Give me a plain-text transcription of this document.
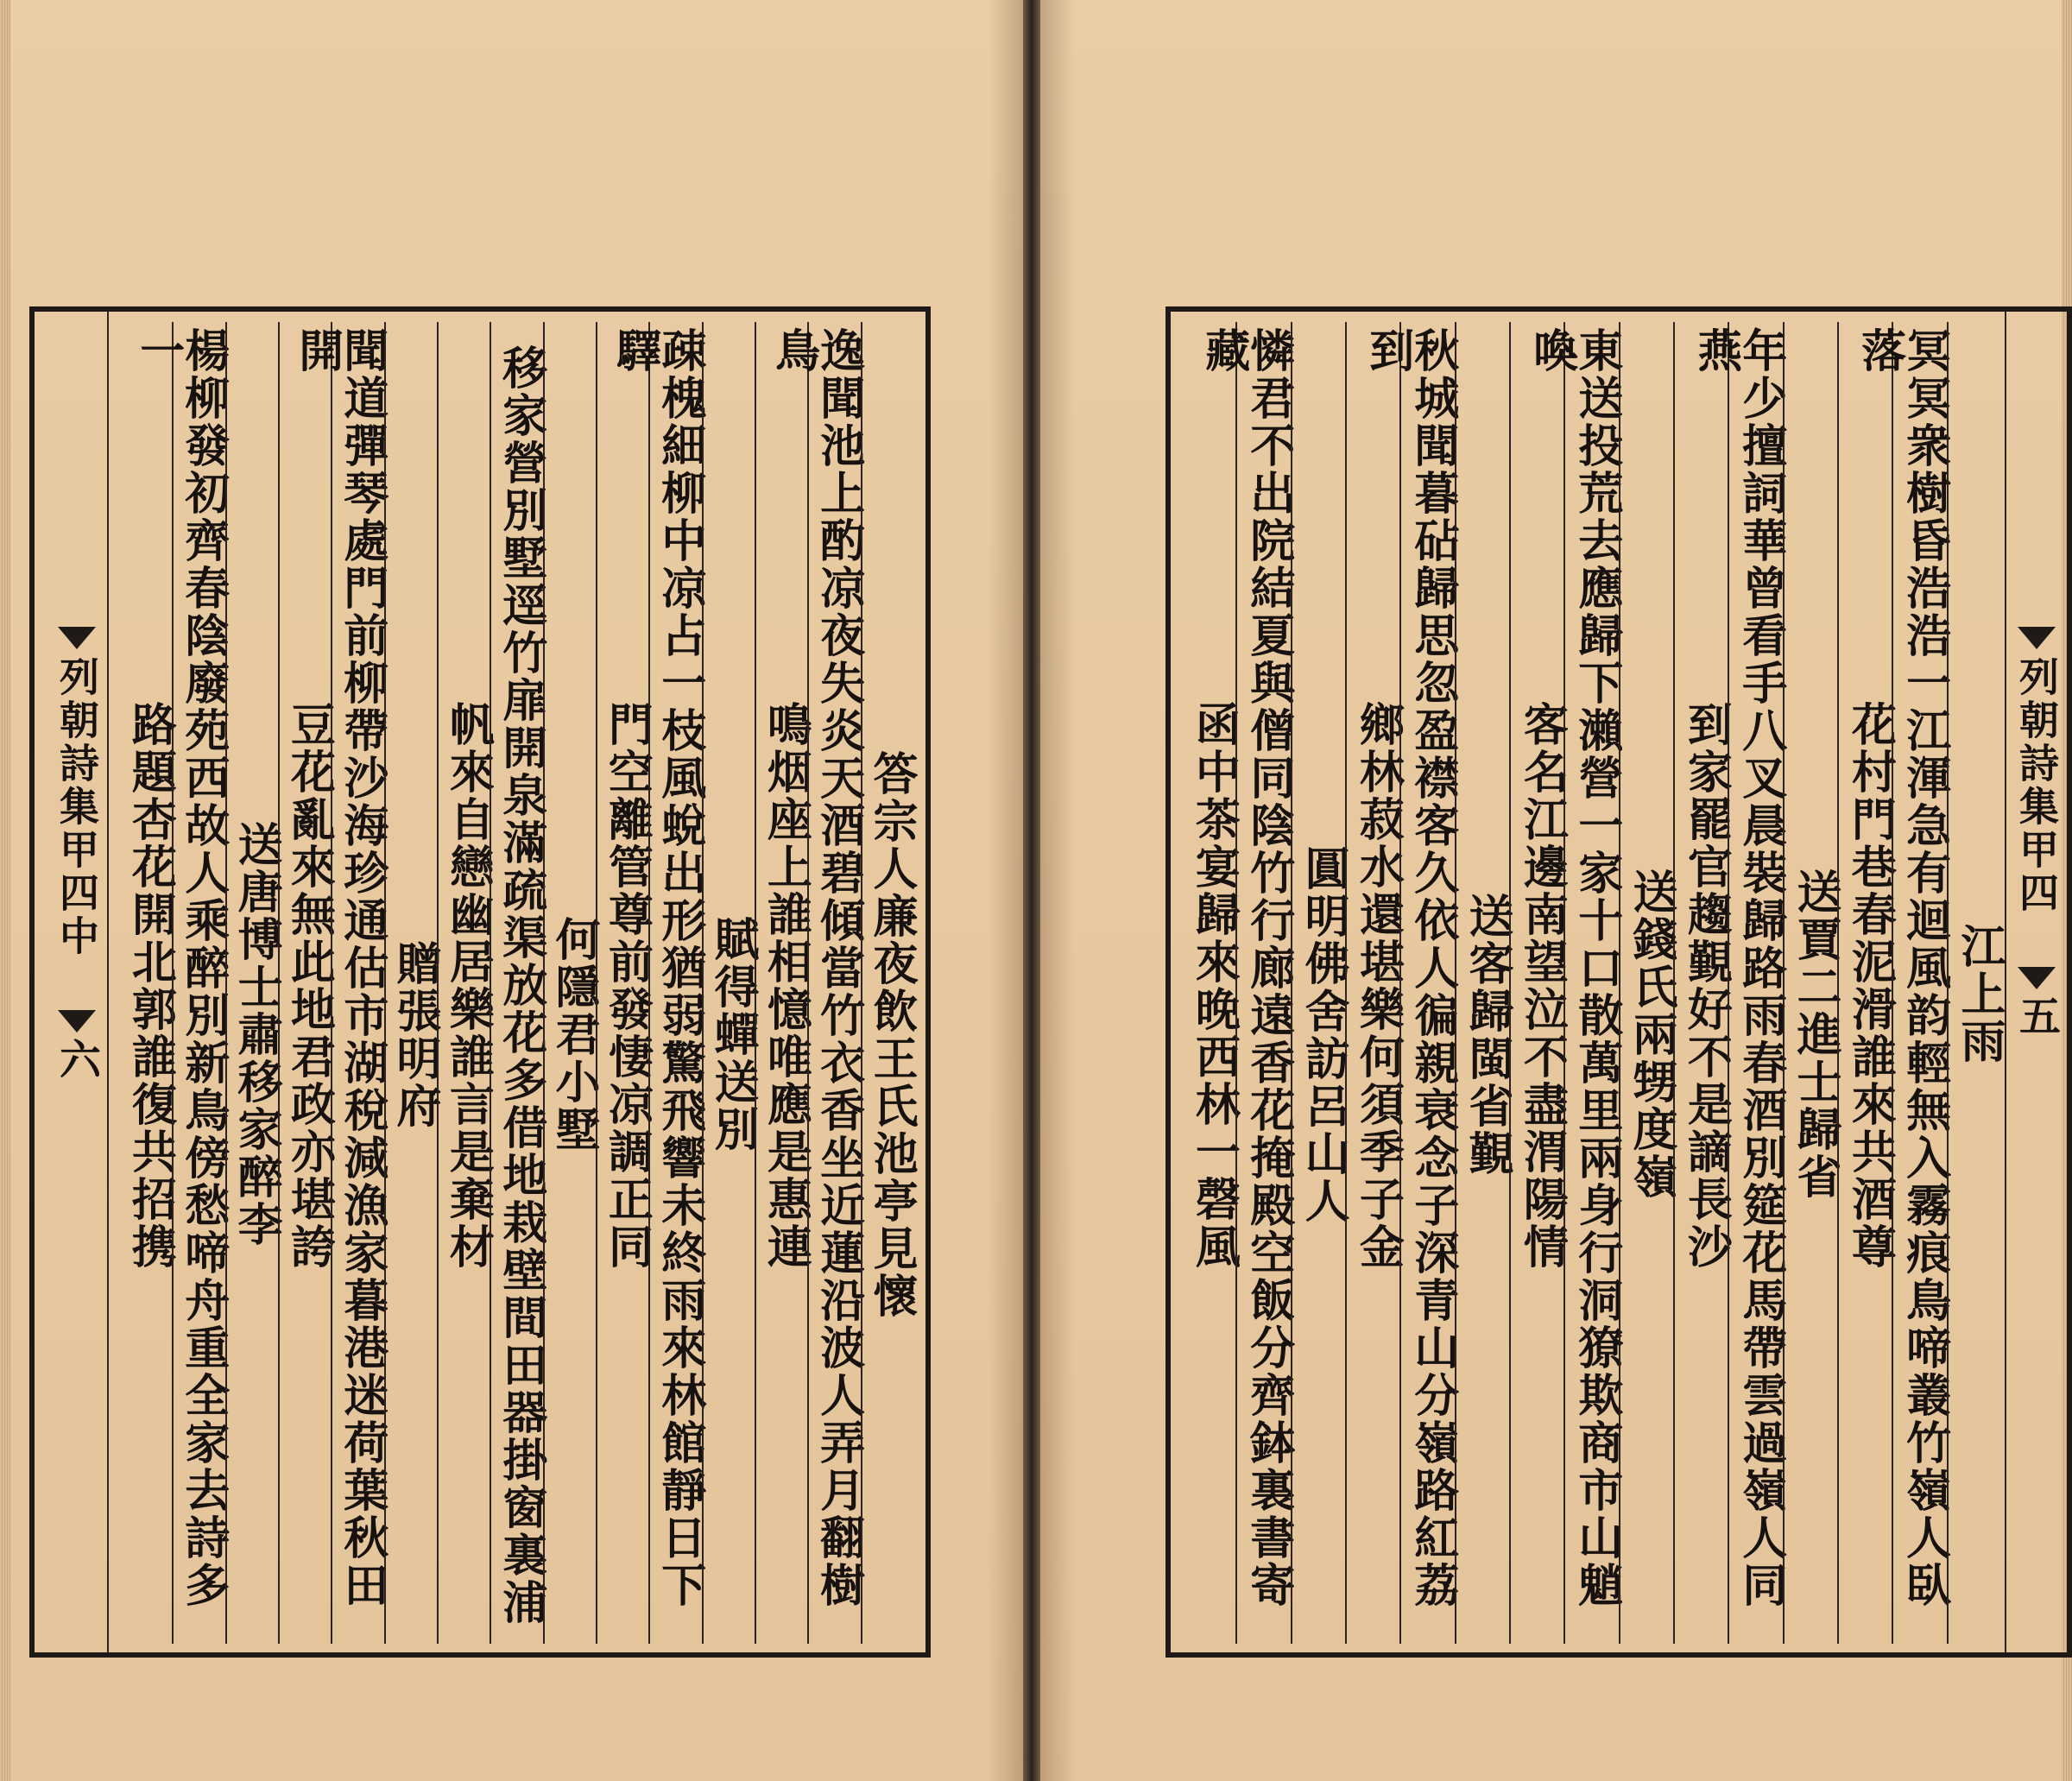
列朝詩集甲四中
六	答宗人廉夜飲王氏池亭見懷
逸聞池上酌凉夜失炎天酒碧傾當竹衣香坐近蓮沿波人弄月翻樹鳥
鳴烟座上誰相憶唯應是惠連
賦得蟬送別
疎槐細柳中凉占一枝風蛻出形猶弱驚飛響未終雨來林館靜日下驛
門空離管尊前發悽凉調正同
何隱君小墅
移家營別墅逕竹扉開泉滿疏渠放花多借地栽壁間田器掛窗裏浦
帆來自戀幽居樂誰言是棄材
贈張明府
聞道彈琴處門前柳帶沙海珍通估市湖稅減漁家暮港迷荷葉秋田開
豆花亂來無此地君政亦堪誇
送唐博士肅移家醉李
楊柳發初齊春陰廢苑西故人乘醉別新鳥傍愁啼舟重全家去詩多一
路題杏花開北郭誰復共招携	列朝詩集甲四
五
江上雨
冥冥衆樹昏浩浩一江渾急有迴風韵輕無入霧痕鳥啼叢竹嶺人臥落
花村門巷春泥滑誰來共酒尊
送賈二進士歸省
年少擅詞華曾看手八叉晨裝歸路雨春酒別筵花馬帶雲過嶺人同燕
到家罷官趨覲好不是謫長沙
送錢氏兩甥度嶺
東送投荒去應歸下瀨營一家十口散萬里兩身行洞獠欺商市山魈喚
客名江邊南望泣不盡渭陽情
送客歸閩省覲
秋城聞暮砧歸思忽盈襟客久依人徧親衰念子深青山分嶺路紅荔到
鄉林菽水還堪樂何須季子金
圓明佛舍訪呂山人
憐君不出院結夏與僧同陰竹行廊遠香花掩殿空飯分齊鉢裏書寄藏
函中茶宴歸來晚西林一磬風
